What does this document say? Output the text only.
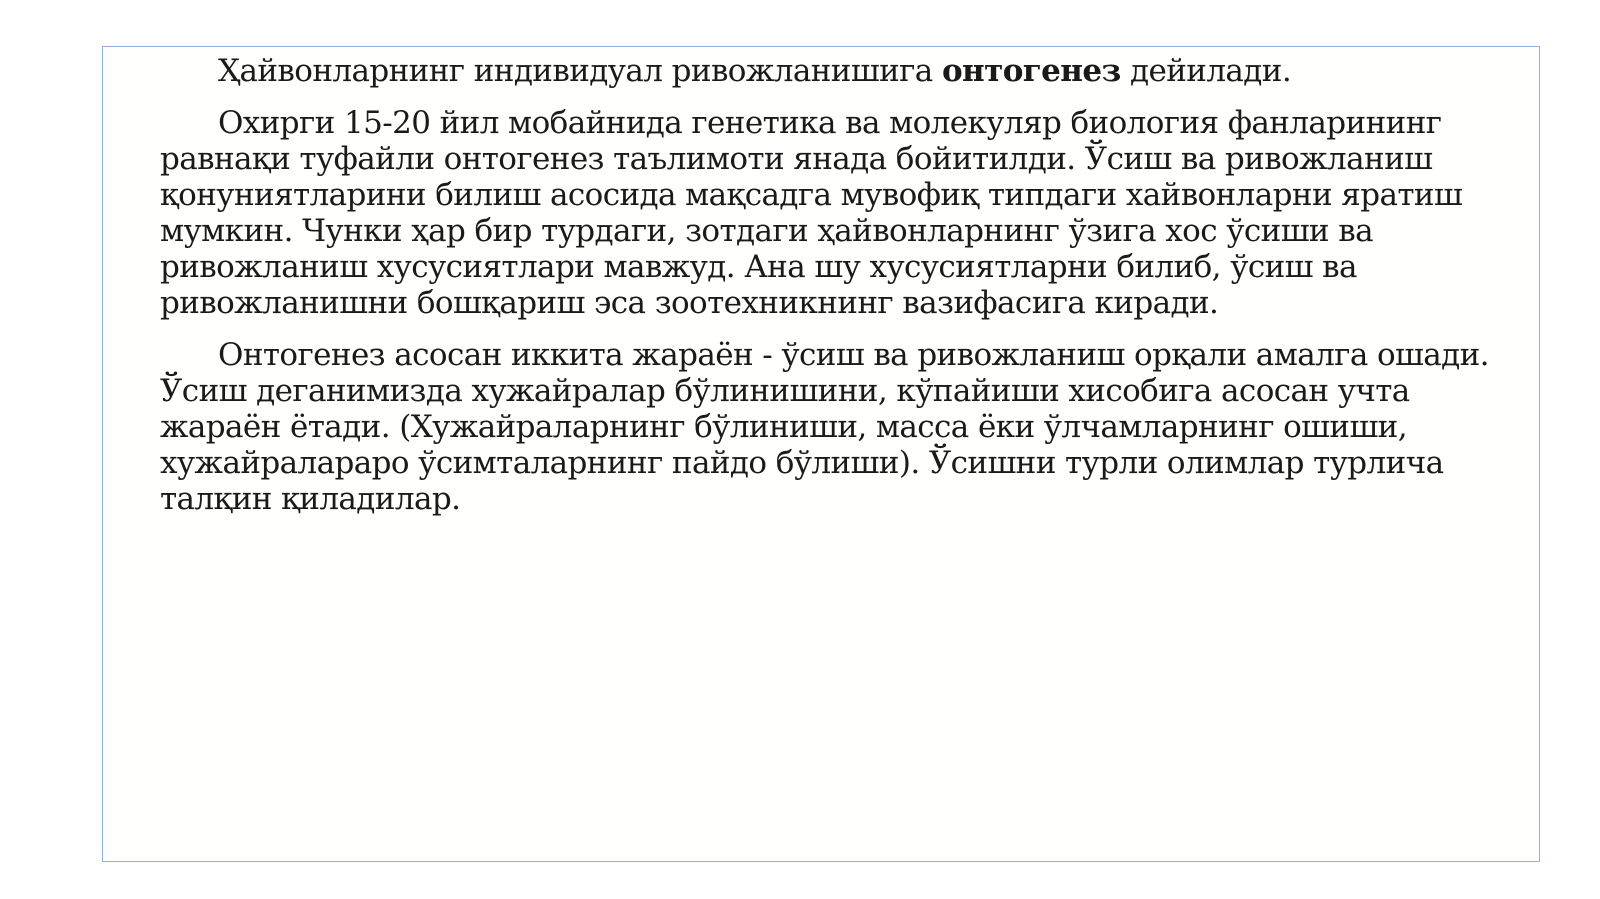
Ҳайвонларнинг индивидуал ривожланишига онтогенез дейилади.

Охирги 15-20 йил мобайнида генетика ва молекуляр биология фанларининг равнақи туфайли онтогенез таълимоти янада бойитилди. Ўсиш ва ривожланиш қонуниятларини билиш асосида мақсадга мувофиқ типдаги хайвонларни яратиш мумкин. Чунки ҳар бир турдаги, зотдаги ҳайвонларнинг ўзига хос ўсиши ва ривожланиш хусусиятлари мавжуд. Ана шу хусусиятларни билиб, ўсиш ва ривожланишни бошқариш эса зоотехникнинг вазифасига киради.

Онтогенез асосан иккита жараён - ўсиш ва ривожланиш орқали амалга ошади. Ўсиш деганимизда хужайралар бўлинишини, кўпайиши хисобига асосан учта жараён ётади. (Хужайраларнинг бўлиниши, масса ёки ўлчамларнинг ошиши, хужайралараро ўсимталарнинг пайдо бўлиши). Ўсишни турли олимлар турлича талқин қиладилар.
